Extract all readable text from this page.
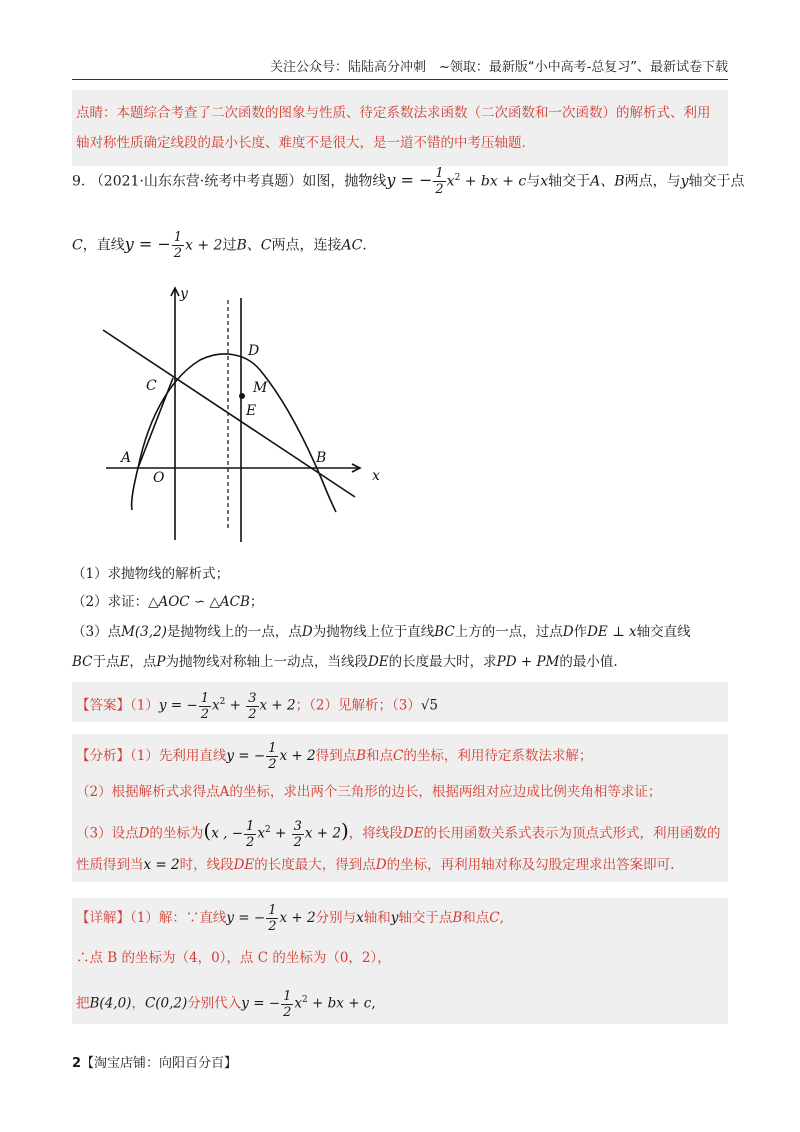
关注公众号：陆陆高分冲刺　~领取：最新版“小中高考-总复习”、最新试卷下载
点睛：本题综合考查了二次函数的图象与性质、待定系数法求函数（二次函数和一次函数）的解析式、利用轴对称性质确定线段的最小长度、难度不是很大，是一道不错的中考压轴题.
9. （2021·山东东营·统考中考真题）如图，抛物线y = − $\frac{1}{2} x^2$ + bx + c与x轴交于A、B两点，与y轴交于点
C，直线y = − $\frac{1}{2}$ x + 2过B、C两点，连接AC.
y
x
A
O
B
C
D
E
M
（1）求抛物线的解析式；
（2）求证：△AOC ∽ △ACB；
（3）点M(3,2)是抛物线上的一点，点D为抛物线上位于直线BC上方的一点，过点D作DE ⊥ x轴交直线
BC于点E，点P为抛物线对称轴上一动点，当线段DE的长度最大时，求PD + PM的最小值.
【答案】（1）y = − $\frac{1}{2} x^2 + \frac{3}{2}$ x + 2；（2）见解析；（3）√5
【分析】（1）先利用直线y = − $\frac{1}{2}$ x + 2得到点B和点C的坐标，利用待定系数法求解；
（2）根据解析式求得点A的坐标，求出两个三角形的边长，根据两组对应边成比例夹角相等求证；
（3）设点D的坐标为(x , − $\frac{1}{2} x^2 + \frac{3}{2}$ x + 2)，将线段DE的长用函数关系式表示为顶点式形式，利用函数的
性质得到当x = 2时，线段DE的长度最大，得到点D的坐标，再利用轴对称及勾股定理求出答案即可.
【详解】（1）解：∵直线y = − $\frac{1}{2}$ x + 2分别与x轴和y轴交于点B和点C,
∴点 B 的坐标为（4，0），点 C 的坐标为（0，2），
把B(4,0)，C(0,2)分别代入y = − $\frac{1}{2} x^2$ + bx + c,
2【淘宝店铺：向阳百分百】
